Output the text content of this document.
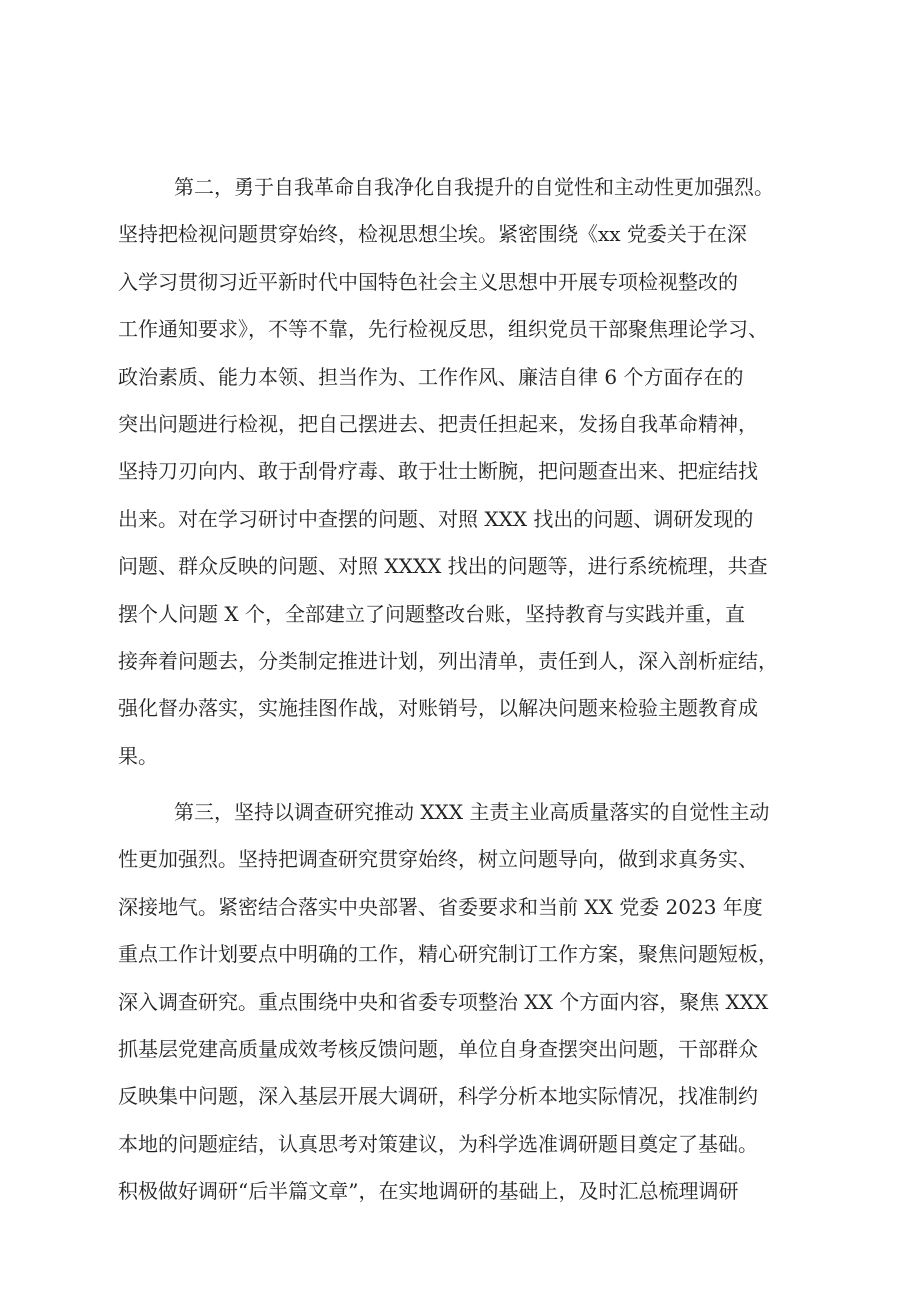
第二，勇于自我革命自我净化自我提升的自觉性和主动性更加强烈。
坚持把检视问题贯穿始终，检视思想尘埃。紧密围绕《xx 党委关于在深
入学习贯彻习近平新时代中国特色社会主义思想中开展专项检视整改的
工作通知要求》，不等不靠，先行检视反思，组织党员干部聚焦理论学习、
政治素质、能力本领、担当作为、工作作风、廉洁自律 6 个方面存在的
突出问题进行检视，把自己摆进去、把责任担起来，发扬自我革命精神，
坚持刀刃向内、敢于刮骨疗毒、敢于壮士断腕，把问题查出来、把症结找
出来。对在学习研讨中查摆的问题、对照 XXX 找出的问题、调研发现的
问题、群众反映的问题、对照 XXXX 找出的问题等，进行系统梳理，共查
摆个人问题 X 个，全部建立了问题整改台账，坚持教育与实践并重，直
接奔着问题去，分类制定推进计划，列出清单，责任到人，深入剖析症结，
强化督办落实，实施挂图作战，对账销号，以解决问题来检验主题教育成
果。
第三，坚持以调查研究推动 XXX 主责主业高质量落实的自觉性主动
性更加强烈。坚持把调查研究贯穿始终，树立问题导向，做到求真务实、
深接地气。紧密结合落实中央部署、省委要求和当前 XX 党委 2023 年度
重点工作计划要点中明确的工作，精心研究制订工作方案，聚焦问题短板，
深入调查研究。重点围绕中央和省委专项整治 XX 个方面内容，聚焦 XXX
抓基层党建高质量成效考核反馈问题，单位自身查摆突出问题，干部群众
反映集中问题，深入基层开展大调研，科学分析本地实际情况，找准制约
本地的问题症结，认真思考对策建议，为科学选准调研题目奠定了基础。
积极做好调研“后半篇文章”，在实地调研的基础上，及时汇总梳理调研
